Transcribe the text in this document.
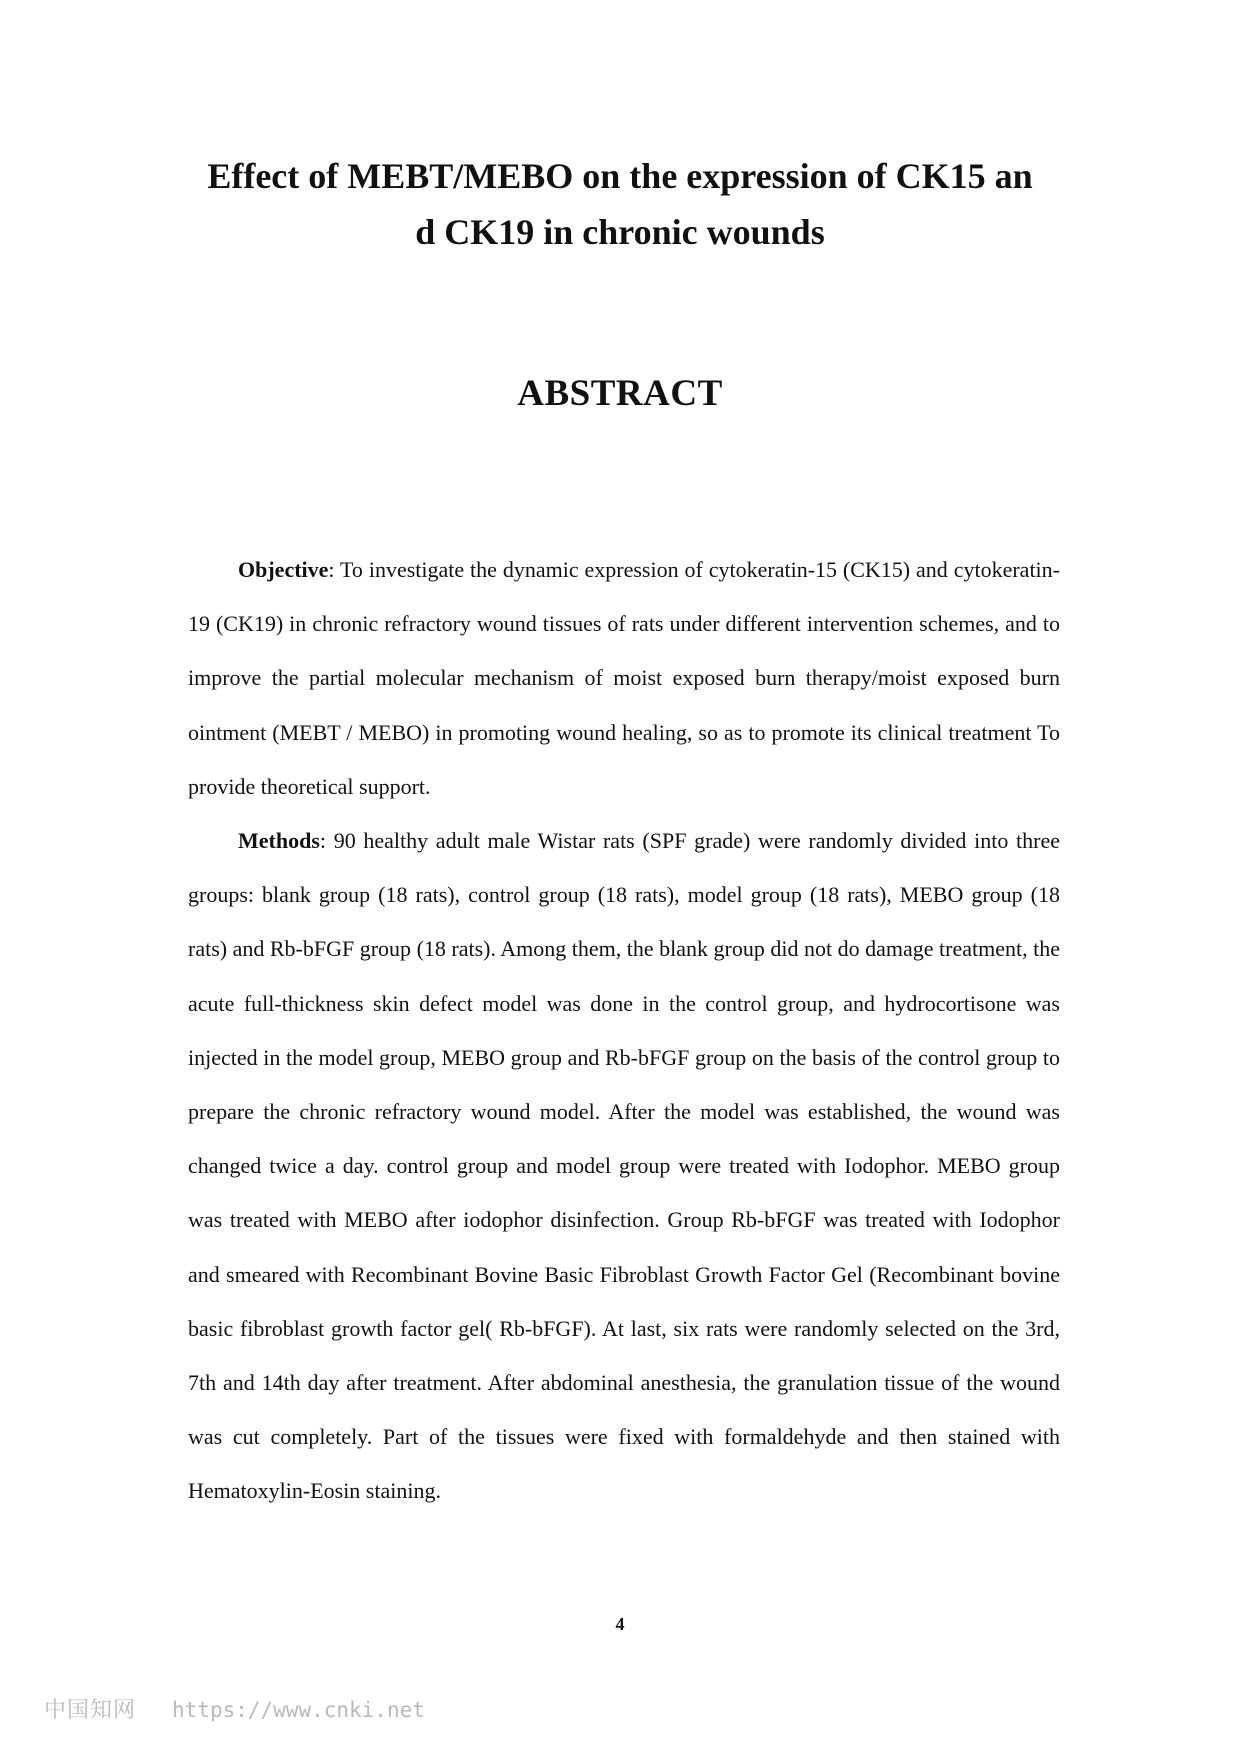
Effect of MEBT/MEBO on the expression of CK15 an
d CK19 in chronic wounds
ABSTRACT

Objective: To investigate the dynamic expression of cytokeratin-15 (CK15) and cytokeratin-19 (CK19) in chronic refractory wound tissues of rats under different intervention schemes, and to improve the partial molecular mechanism of moist exposed burn therapy/moist exposed burn ointment (MEBT / MEBO) in promoting wound healing, so as to promote its clinical treatment To provide theoretical support.

Methods: 90 healthy adult male Wistar rats (SPF grade) were randomly divided into three groups: blank group (18 rats), control group (18 rats), model group (18 rats), MEBO group (18 rats) and Rb-bFGF group (18 rats). Among them, the blank group did not do damage treatment, the acute full-thickness skin defect model was done in the control group, and hydrocortisone was injected in the model group, MEBO group and Rb-bFGF group on the basis of the control group to prepare the chronic refractory wound model. After the model was established, the wound was changed twice a day. control group and model group were treated with Iodophor. MEBO group was treated with MEBO after iodophor disinfection. Group Rb-bFGF was treated with Iodophor and smeared with Recombinant Bovine Basic Fibroblast Growth Factor Gel (Recombinant bovine basic fibroblast growth factor gel( Rb-bFGF). At last, six rats were randomly selected on the 3rd, 7th and 14th day after treatment. After abdominal anesthesia, the granulation tissue of the wound was cut completely. Part of the tissues were fixed with formaldehyde and then stained with Hematoxylin-Eosin staining.

4
中国知网 https://www.cnki.net
